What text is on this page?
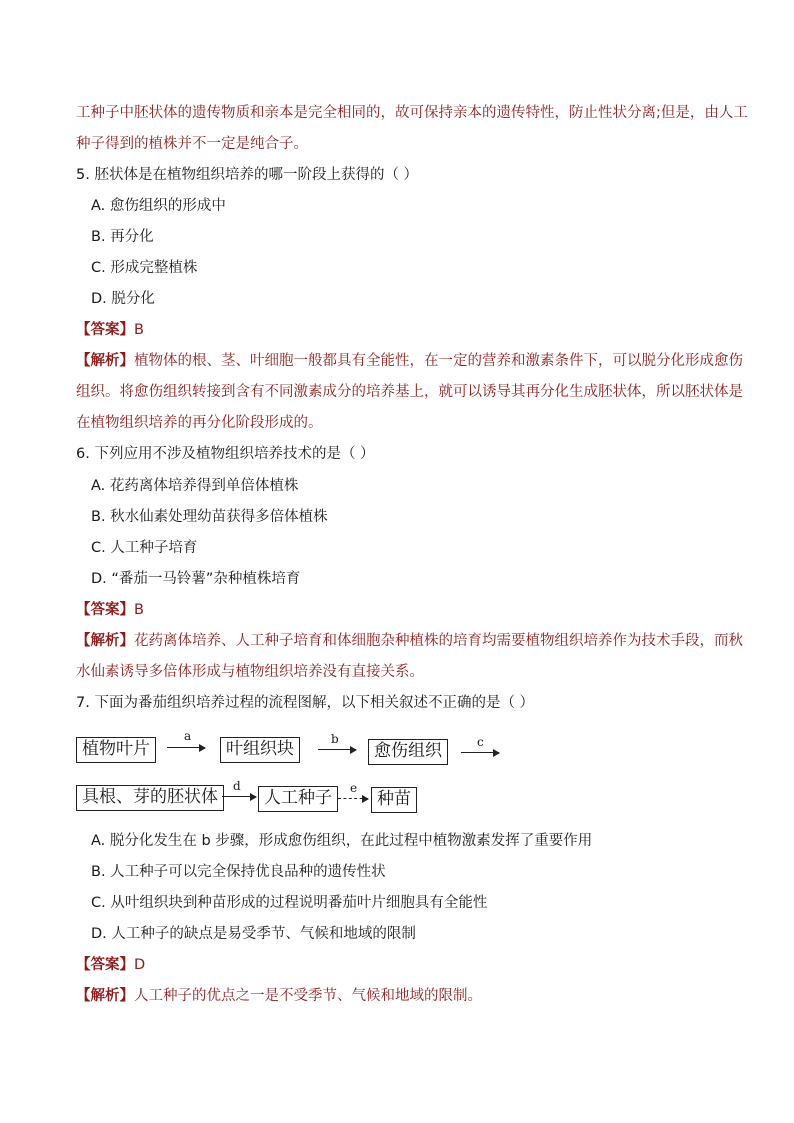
工种子中胚状体的遗传物质和亲本是完全相同的，故可保持亲本的遗传特性，防止性状分离;但是，由人工
种子得到的植株并不一定是纯合子。
5. 胚状体是在植物组织培养的哪一阶段上获得的（ ）
A. 愈伤组织的形成中
B. 再分化
C. 形成完整植株
D. 脱分化
【答案】B
【解析】植物体的根、茎、叶细胞一般都具有全能性，在一定的营养和激素条件下，可以脱分化形成愈伤
组织。将愈伤组织转接到含有不同激素成分的培养基上，就可以诱导其再分化生成胚状体，所以胚状体是
在植物组织培养的再分化阶段形成的。
6. 下列应用不涉及植物组织培养技术的是（ ）
A. 花药离体培养得到单倍体植株
B. 秋水仙素处理幼苗获得多倍体植株
C. 人工种子培育
D. “番茄一马铃薯”杂种植株培育
【答案】B
【解析】花药离体培养、人工种子培育和体细胞杂种植株的培育均需要植物组织培养作为技术手段，而秋
水仙素诱导多倍体形成与植物组织培养没有直接关系。
7. 下面为番茄组织培养过程的流程图解，以下相关叙述不正确的是（ ）
植物叶片
a
叶组织块	b
愈伤组织	c
具根、芽的胚状体
d
人工种子	e
种苗
A. 脱分化发生在 b 步骤，形成愈伤组织，在此过程中植物激素发挥了重要作用
B. 人工种子可以完全保持优良品种的遗传性状
C. 从叶组织块到种苗形成的过程说明番茄叶片细胞具有全能性
D. 人工种子的缺点是易受季节、气候和地域的限制
【答案】D
【解析】人工种子的优点之一是不受季节、气候和地域的限制。
